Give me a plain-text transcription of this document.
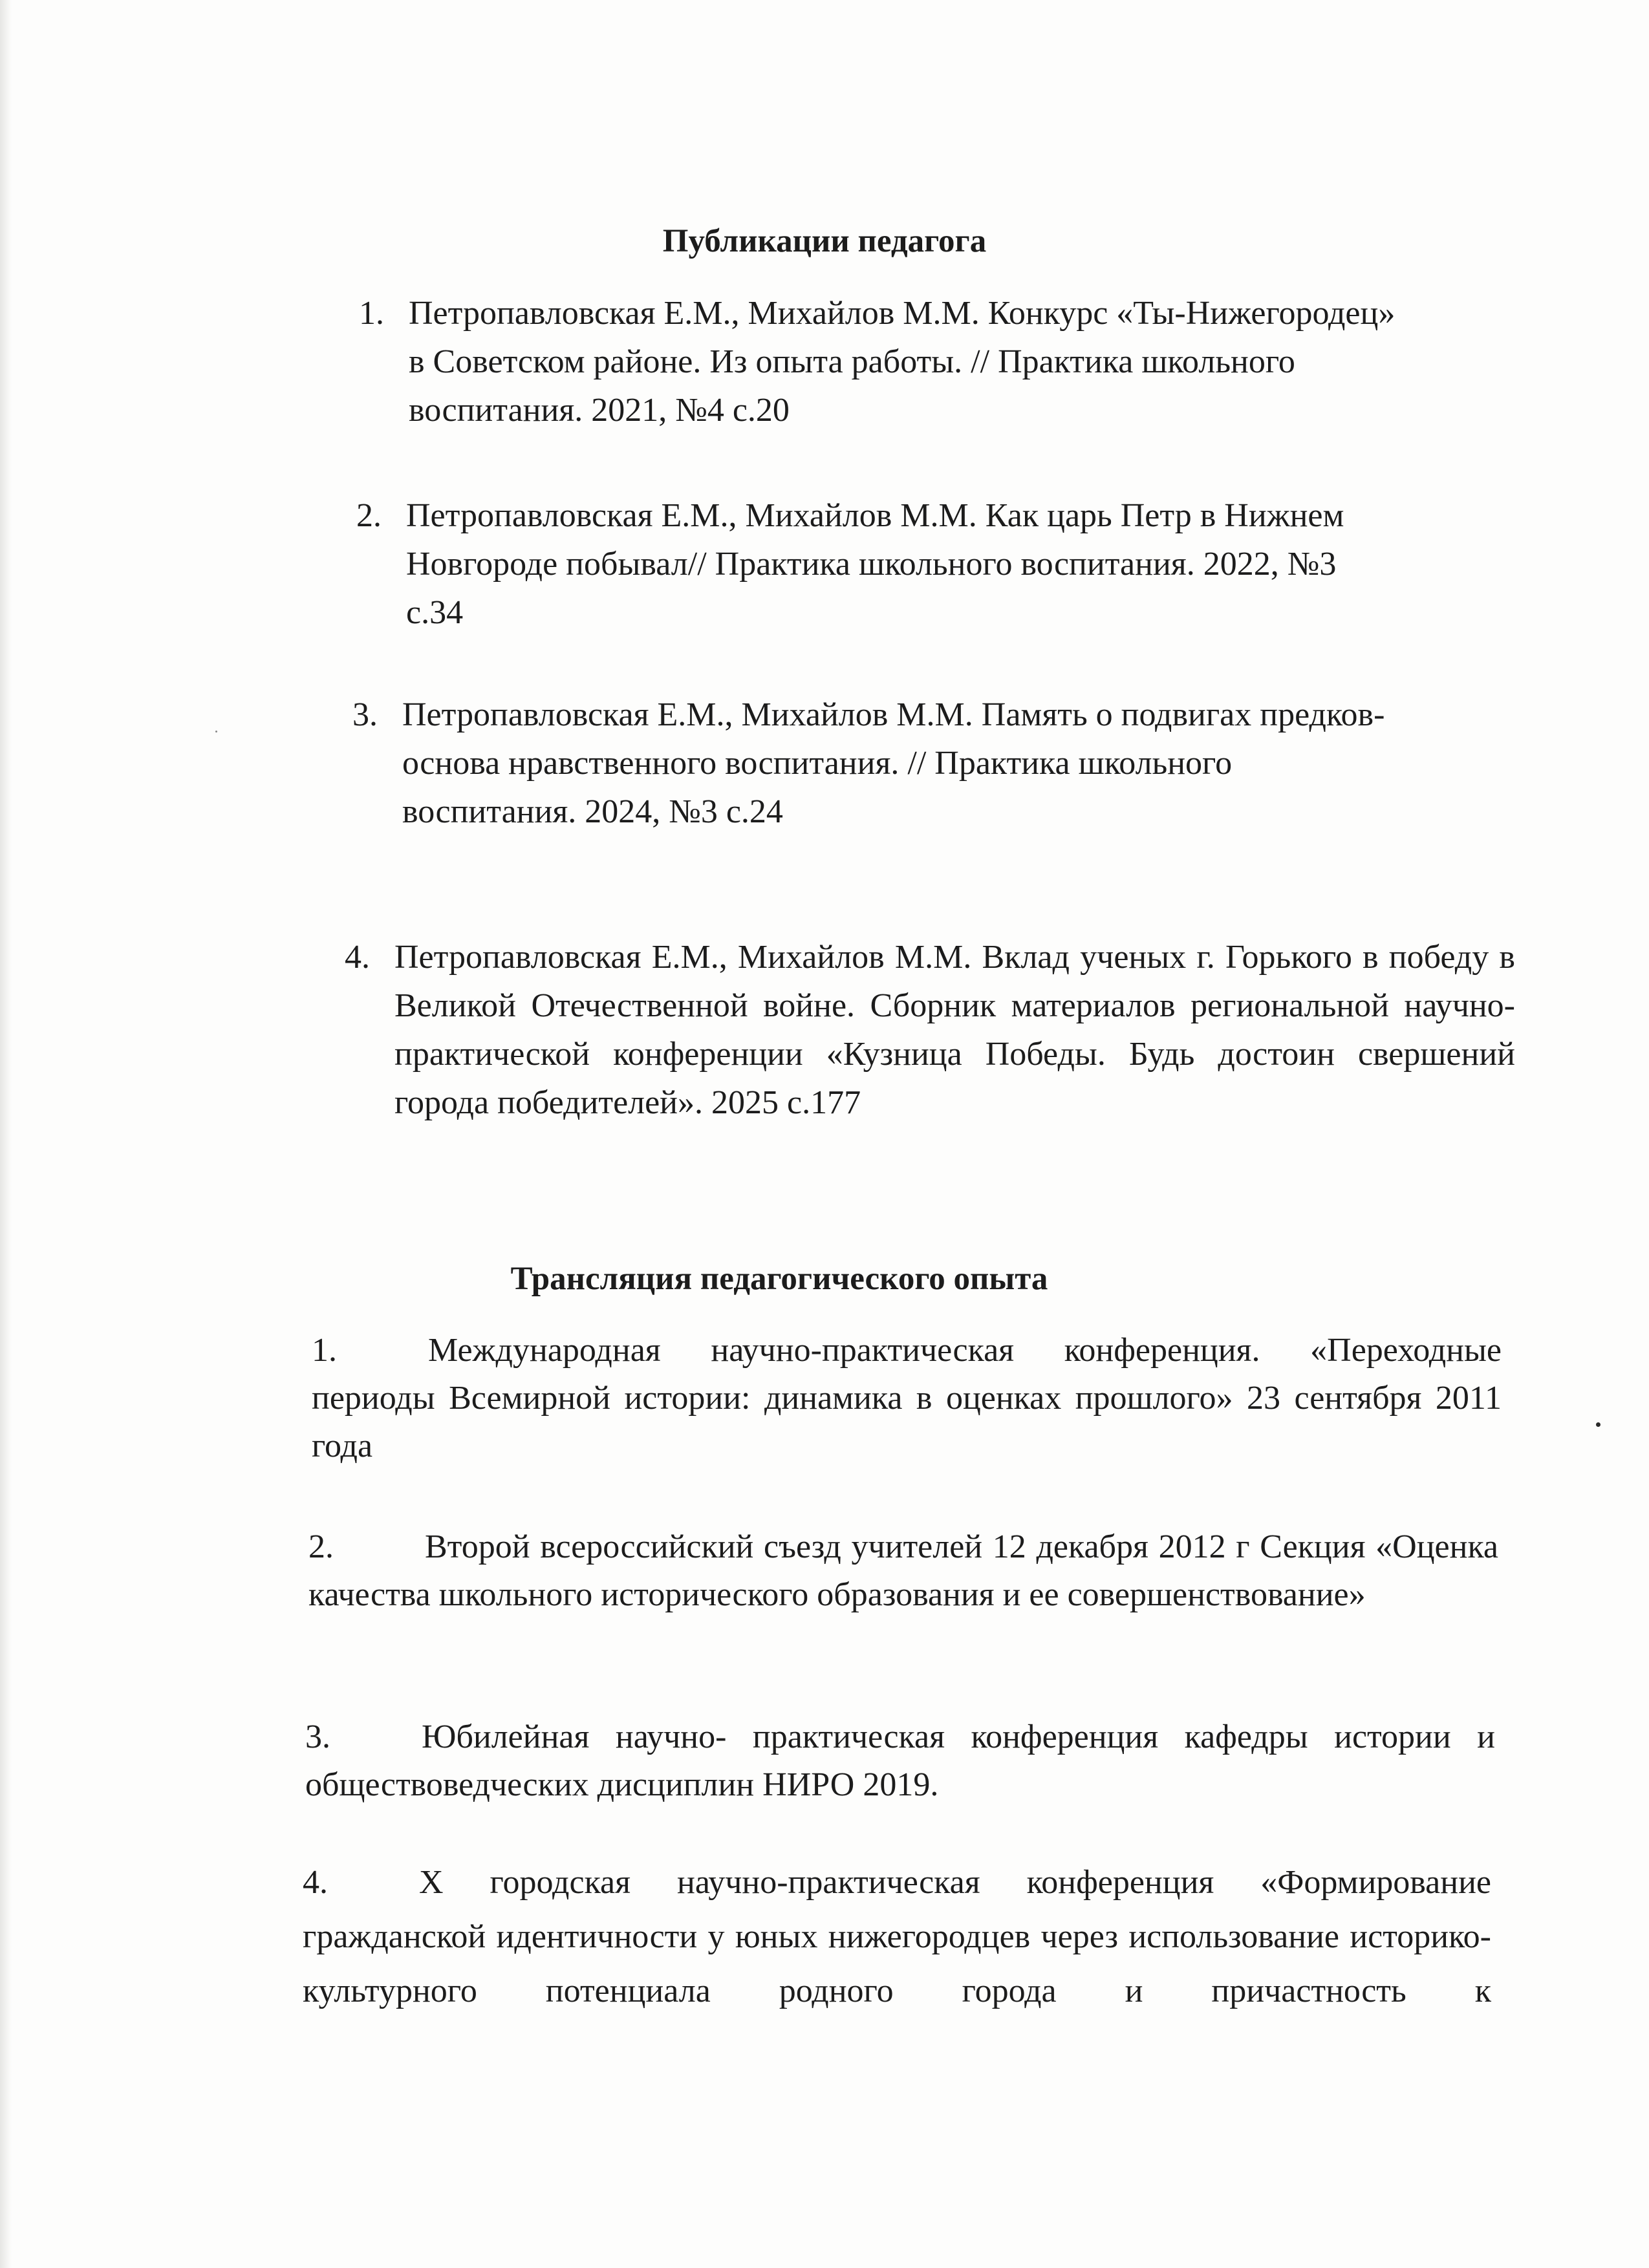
Публикации педагога
1. Петропавловская Е.М., Михайлов М.М. Конкурс «Ты-Нижегородец»
в Советском районе. Из опыта работы. // Практика школьного
воспитания. 2021, №4 с.20
2. Петропавловская Е.М., Михайлов М.М. Как царь Петр в Нижнем
Новгороде побывал// Практика школьного воспитания. 2022, №3
с.34
3. Петропавловская Е.М., Михайлов М.М. Память о подвигах предков-
основа нравственного воспитания. // Практика школьного
воспитания. 2024, №3 с.24
4. Петропавловская Е.М., Михайлов М.М. Вклад ученых г. Горького в победу в Великой Отечественной войне. Сборник материалов региональной научно-практической конференции «Кузница Победы. Будь достоин свершений города победителей». 2025 с.177
Трансляция педагогического опыта
1.	Международная научно-практическая конференция. «Переходные периоды Всемирной истории: динамика в оценках прошлого» 23 сентября 2011 года
2.	Второй всероссийский съезд учителей 12 декабря 2012 г Секция «Оценка качества школьного исторического образования и ее совершенствование»
3.	Юбилейная научно- практическая конференция кафедры истории и обществоведческих дисциплин НИРО 2019.
4.	X городская научно-практическая конференция «Формирование гражданской идентичности у юных нижегородцев через использование историко-культурного потенциала родного города и причастность к
